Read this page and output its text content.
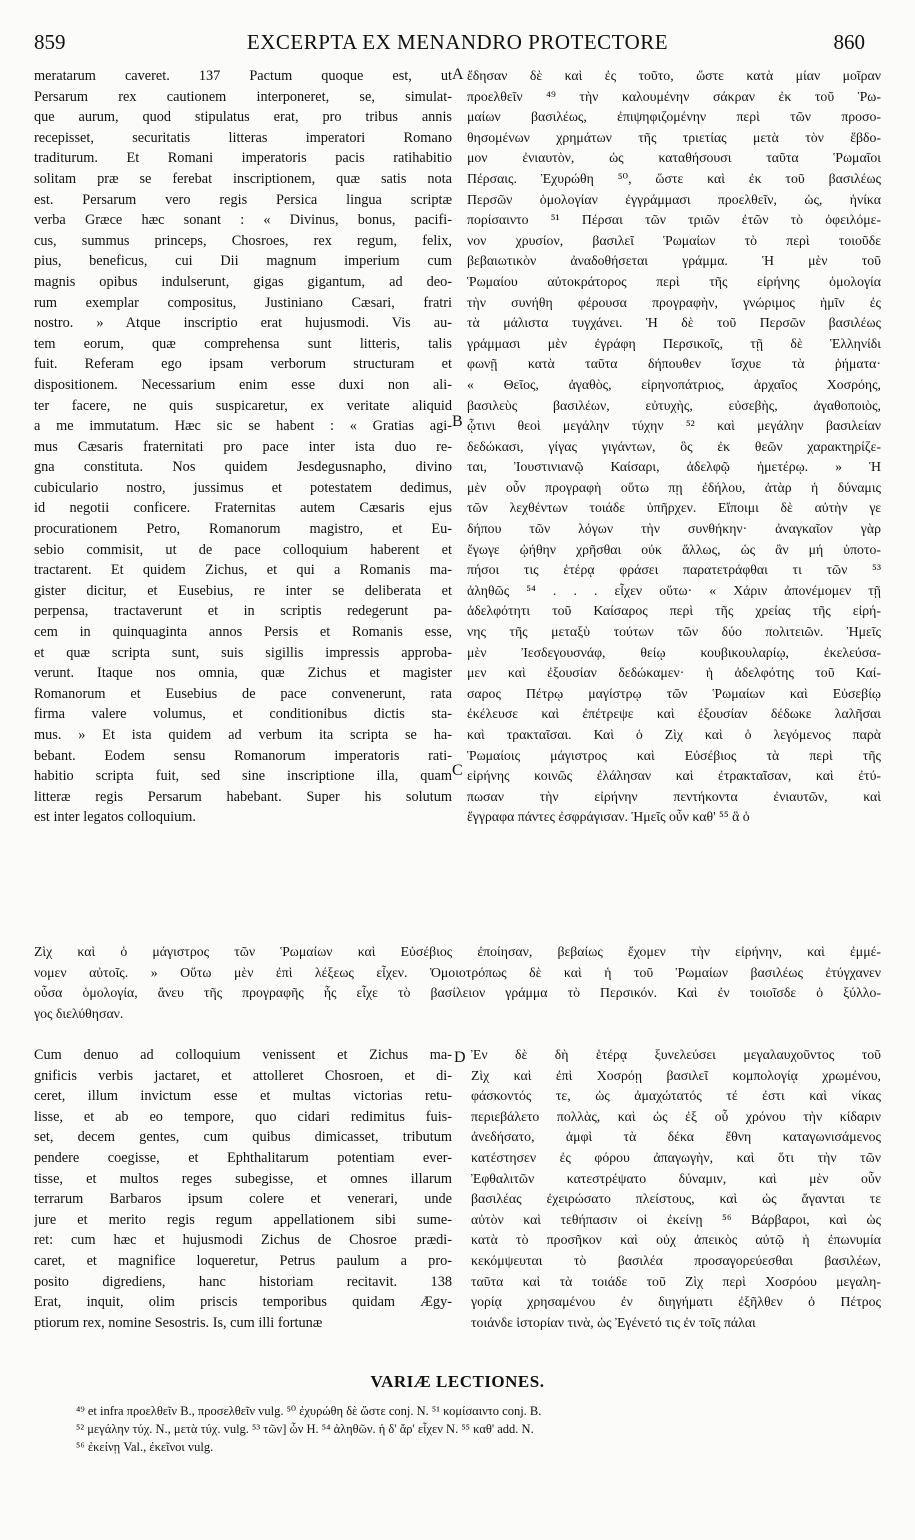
859	EXCERPTA EX MENANDRO PROTECTORE	860
meratarum caveret. 137 Pactum quoque est, ut
Persarum rex cautionem interponeret, se, simulat-
que aurum, quod stipulatus erat, pro tribus annis
recepisset, securitatis litteras imperatori Romano
traditurum. Et Romani imperatoris pacis ratihabitio
solitam præ se ferebat inscriptionem, quæ satis nota
est. Persarum vero regis Persica lingua scriptæ
verba Græce hæc sonant : « Divinus, bonus, pacifi-
cus, summus princeps, Chosroes, rex regum, felix,
pius, beneficus, cui Dii magnum imperium cum
magnis opibus indulserunt, gigas gigantum, ad deo-
rum exemplar compositus, Justiniano Cæsari, fratri
nostro. » Atque inscriptio erat hujusmodi. Vis au-
tem eorum, quæ comprehensa sunt litteris, talis
fuit. Referam ego ipsam verborum structuram et
dispositionem. Necessarium enim esse duxi non ali-
ter facere, ne quis suspicaretur, ex veritate aliquid
a me immutatum. Hæc sic se habent : « Gratias agi-
mus Cæsaris fraternitati pro pace inter ista duo re-
gna constituta. Nos quidem Jesdegusnapho, divino
cubiculario nostro, jussimus et potestatem dedimus,
id negotii conficere. Fraternitas autem Cæsaris ejus
procurationem Petro, Romanorum magistro, et Eu-
sebio commisit, ut de pace colloquium haberent et
tractarent. Et quidem Zichus, et qui a Romanis ma-
gister dicitur, et Eusebius, re inter se deliberata et
perpensa, tractaverunt et in scriptis redegerunt pa-
cem in quinquaginta annos Persis et Romanis esse,
et quæ scripta sunt, suis sigillis impressis approba-
verunt. Itaque nos omnia, quæ Zichus et magister
Romanorum et Eusebius de pace convenerunt, rata
firma valere volumus, et conditionibus dictis sta-
mus. » Et ista quidem ad verbum ita scripta se ha-
bebant. Eodem sensu Romanorum imperatoris rati-
habitio scripta fuit, sed sine inscriptione illa, quam
litteræ regis Persarum habebant. Super his solutum
est inter legatos colloquium.
ἔδησαν δὲ καὶ ἐς τοῦτο, ὥστε κατὰ μίαν μοῖραν
προελθεῖν ⁴⁹ τὴν καλουμένην σάκραν ἐκ τοῦ Ῥω-
μαίων βασιλέως, ἐπιψηφιζομένην περὶ τῶν προσο-
θησομένων χρημάτων τῆς τριετίας μετὰ τὸν ἕβδο-
μον ἐνιαυτὸν, ὡς καταθήσουσι ταῦτα Ῥωμαῖοι
Πέρσαις. Ἐχυρώθη ⁵⁰, ὥστε καὶ ἐκ τοῦ βασιλέως
Περσῶν ὁμολογίαν ἐγγράμμασι προελθεῖν, ὡς, ἡνίκα
πορίσαιντο ⁵¹ Πέρσαι τῶν τριῶν ἐτῶν τὸ ὀφειλόμε-
νον χρυσίον, βασιλεῖ Ῥωμαίων τὸ περὶ τοιοῦδε
βεβαιωτικὸν ἀναδοθήσεται γράμμα. Ἡ μὲν τοῦ
Ῥωμαίου αὐτοκράτορος περὶ τῆς εἰρήνης ὁμολογία
τὴν συνήθη φέρουσα προγραφὴν, γνώριμος ἡμῖν ἐς
τὰ μάλιστα τυγχάνει. Ἡ δὲ τοῦ Περσῶν βασιλέως
γράμμασι μὲν ἐγράφη Περσικοῖς, τῇ δὲ Ἑλληνίδι
φωνῇ κατὰ ταῦτα δήπουθεν ἴσχυε τὰ ῥήματα·
« Θεῖος, ἀγαθὸς, εἰρηνοπάτριος, ἀρχαῖος Χοσρόης,
βασιλεὺς βασιλέων, εὐτυχὴς, εὐσεβὴς, ἀγαθοποιὸς,
ᾧτινι θεοὶ μεγάλην τύχην ⁵² καὶ μεγάλην βασιλείαν
δεδώκασι, γίγας γιγάντων, ὃς ἐκ θεῶν χαρακτηρίζε-
ται, Ἰουστινιανῷ Καίσαρι, ἀδελφῷ ἡμετέρῳ. » Ἡ
μὲν οὖν προγραφὴ οὕτω πῃ ἐδήλου, ἀτὰρ ἡ δύναμις
τῶν λεχθέντων τοιάδε ὑπῆρχεν. Εἴποιμι δὲ αὐτὴν γε
δήπου τῶν λόγων τὴν συνθήκην· ἀναγκαῖον γὰρ
ἔγωγε ᾠήθην χρῆσθαι οὐκ ἄλλως, ὡς ἂν μή ὑποτο-
πήσοι τις ἑτέρᾳ φράσει παρατετράφθαι τι τῶν ⁵³
ἀληθῶς ⁵⁴ . . . εἶχεν οὕτω· « Χάριν ἀπονέμομεν τῇ
ἀδελφότητι τοῦ Καίσαρος περὶ τῆς χρείας τῆς εἰρή-
νης τῆς μεταξὺ τούτων τῶν δύο πολιτειῶν. Ἡμεῖς
μὲν Ἰεσδεγουσνάφ, θείῳ κουβικουλαρίῳ, ἐκελεύσα-
μεν καὶ ἐξουσίαν δεδώκαμεν· ἡ ἀδελφότης τοῦ Καί-
σαρος Πέτρῳ μαγίστρῳ τῶν Ῥωμαίων καὶ Εὐσεβίῳ
ἐκέλευσε καὶ ἐπέτρεψε καὶ ἐξουσίαν δέδωκε λαλῆσαι
καὶ τρακταῖσαι. Καὶ ὁ Ζὶχ καὶ ὁ λεγόμενος παρὰ
Ῥωμαίοις μάγιστρος καὶ Εὐσέβιος τὰ περὶ τῆς
εἰρήνης κοινῶς ἐλάλησαν καὶ ἐτρακταῖσαν, καὶ ἐτύ-
πωσαν τὴν εἰρήνην πεντήκοντα ἐνιαυτῶν, καὶ
ἔγγραφα πάντες ἐσφράγισαν. Ἡμεῖς οὖν καθ' ⁵⁵ ἃ ὁ
A
B
C
D
Ζὶχ καὶ ὁ μάγιστρος τῶν Ῥωμαίων καὶ Εὐσέβιος ἐποίησαν, βεβαίως ἔχομεν τὴν εἰρήνην, καὶ ἐμμέ-
νομεν αὐτοῖς. » Οὕτω μὲν ἐπὶ λέξεως εἶχεν. Ὁμοιοτρόπως δὲ καὶ ἡ τοῦ Ῥωμαίων βασιλέως ἐτύγχανεν
οὖσα ὁμολογία, ἄνευ τῆς προγραφῆς ἧς εἶχε τὸ βασίλειον γράμμα τὸ Περσικόν. Καὶ ἐν τοιοῖσδε ὁ ξύλλο-
γος διελύθησαν.
Cum denuo ad colloquium venissent et Zichus ma-
gnificis verbis jactaret, et attolleret Chosroen, et di-
ceret, illum invictum esse et multas victorias retu-
lisse, et ab eo tempore, quo cidari redimitus fuis-
set, decem gentes, cum quibus dimicasset, tributum
pendere coegisse, et Ephthalitarum potentiam ever-
tisse, et multos reges subegisse, et omnes illarum
terrarum Barbaros ipsum colere et venerari, unde
jure et merito regis regum appellationem sibi sume-
ret: cum hæc et hujusmodi Zichus de Chosroe prædi-
caret, et magnifice loqueretur, Petrus paulum a pro-
posito digrediens, hanc historiam recitavit. 138
Erat, inquit, olim priscis temporibus quidam Ægy-
ptiorum rex, nomine Sesostris. Is, cum illi fortunæ
Ἐν δὲ δὴ ἑτέρᾳ ξυνελεύσει μεγαλαυχοῦντος τοῦ
Ζὶχ καὶ ἐπὶ Χοσρόῃ βασιλεῖ κομπολογίᾳ χρωμένου,
φάσκοντός τε, ὡς ἀμαχώτατός τέ ἐστι καὶ νίκας
περιεβάλετο πολλὰς, καὶ ὡς ἐξ οὗ χρόνου τὴν κίδαριν
ἀνεδήσατο, ἀμφὶ τὰ δέκα ἔθνη καταγωνισάμενος
κατέστησεν ἐς φόρου ἀπαγωγὴν, καὶ ὅτι τὴν τῶν
Ἐφθαλιτῶν κατεστρέψατο δύναμιν, καὶ μὲν οὖν
βασιλέας ἐχειρώσατο πλείστους, καὶ ὡς ἄγανται τε
αὐτὸν καὶ τεθήπασιν οἱ ἐκείνῃ ⁵⁶ Βάρβαροι, καὶ ὡς
κατὰ τὸ προσῆκον καὶ οὐχ ἀπεικὸς αὐτῷ ἡ ἐπωνυμία
κεκόμψευται τὸ βασιλέα προσαγορεύεσθαι βασιλέων,
ταῦτα καὶ τὰ τοιάδε τοῦ Ζὶχ περὶ Χοσρόου μεγαλη-
γορίᾳ χρησαμένου ἐν διηγήματι ἐξῆλθεν ὁ Πέτρος
τοιάνδε ἱστορίαν τινὰ, ὡς Ἐγένετό τις ἐν τοῖς πάλαι
VARIÆ LECTIONES.
⁴⁹ et infra προελθεῖν B., προσελθεῖν vulg. ⁵⁰ ἐχυρώθη δὲ ὥστε conj. N. ⁵¹ κομίσαιντο conj. B.
⁵² μεγάλην τύχ. N., μετὰ τύχ. vulg. ⁵³ τῶν] ὧν H. ⁵⁴ ἀληθῶν. ἡ δ' ἄρ' εἶχεν N. ⁵⁵ καθ' add. N.
⁵⁶ ἐκείνῃ Val., ἐκεῖνοι vulg.
